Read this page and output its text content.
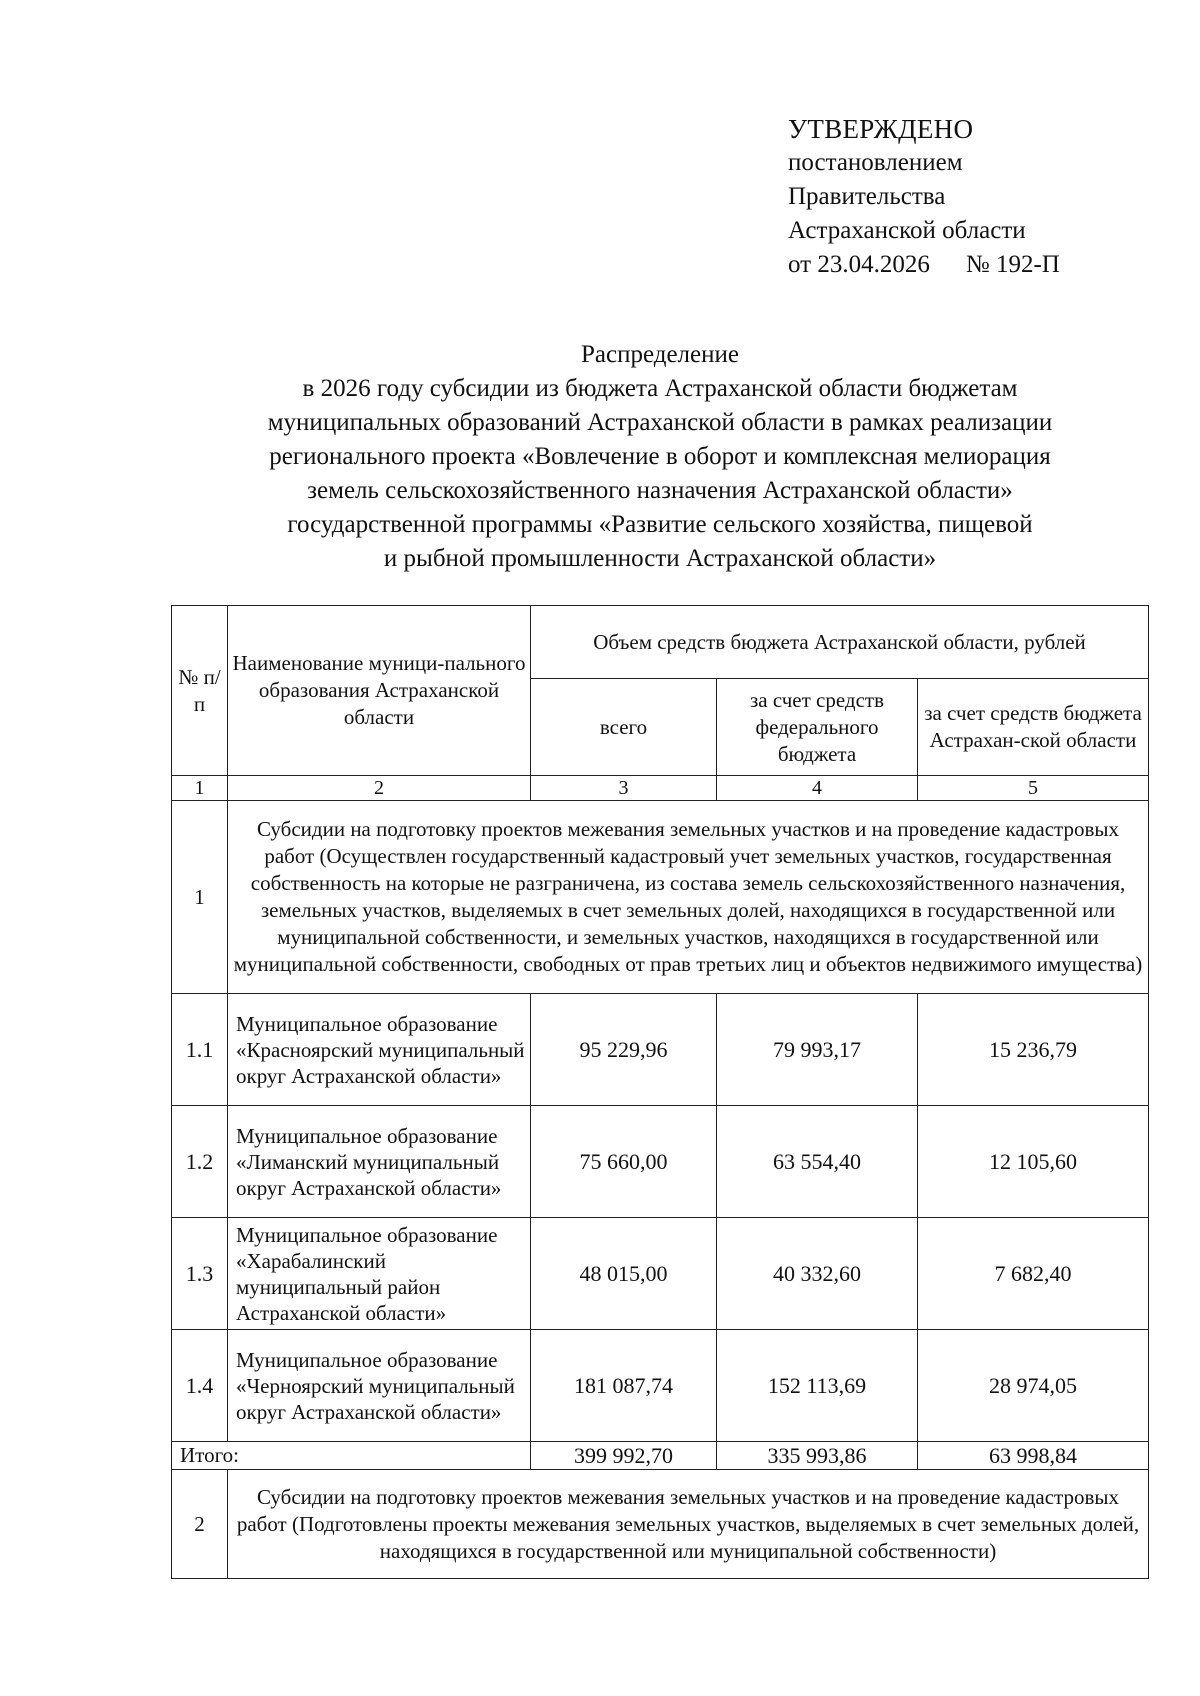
УТВЕРЖДЕНО
постановлением
Правительства
Астраханской области
от 23.04.2026 № 192-П
Распределение
в 2026 году субсидии из бюджета Астраханской области бюджетам
муниципальных образований Астраханской области в рамках реализации
регионального проекта «Вовлечение в оборот и комплексная мелиорация
земель сельскохозяйственного назначения Астраханской области»
государственной программы «Развитие сельского хозяйства, пищевой
и рыбной промышленности Астраханской области»
№ п/п	Наименование муници-пального образования Астраханской области	Объем средств бюджета Астраханской области, рублей		
		всего	за счет средств федерального бюджета	за счет средств бюджета Астрахан-ской области
1	2	3	4	5
1	Субсидии на подготовку проектов межевания земельных участков и на проведение кадастровых работ (Осуществлен государственный кадастровый учет земельных участков, государственная собственность на которые не разграничена, из состава земель сельскохозяйственного назначения, земельных участков, выделяемых в счет земельных долей, находящихся в государственной или муниципальной собственности, и земельных участков, находящихся в государственной или муниципальной собственности, свободных от прав третьих лиц и объектов недвижимого имущества)			
1.1	Муниципальное образование «Красноярский муниципальный округ Астраханской области»	95 229,96	79 993,17	15 236,79
1.2	Муниципальное образование «Лиманский муниципальный округ Астраханской области»	75 660,00	63 554,40	12 105,60
1.3	Муниципальное образование «Харабалинский муниципальный район Астраханской области»	48 015,00	40 332,60	7 682,40
1.4	Муниципальное образование «Черноярский муниципальный округ Астраханской области»	181 087,74	152 113,69	28 974,05
Итого:		399 992,70	335 993,86	63 998,84
2	Субсидии на подготовку проектов межевания земельных участков и на проведение кадастровых работ (Подготовлены проекты межевания земельных участков, выделяемых в счет земельных долей, находящихся в государственной или муниципальной собственности)			
